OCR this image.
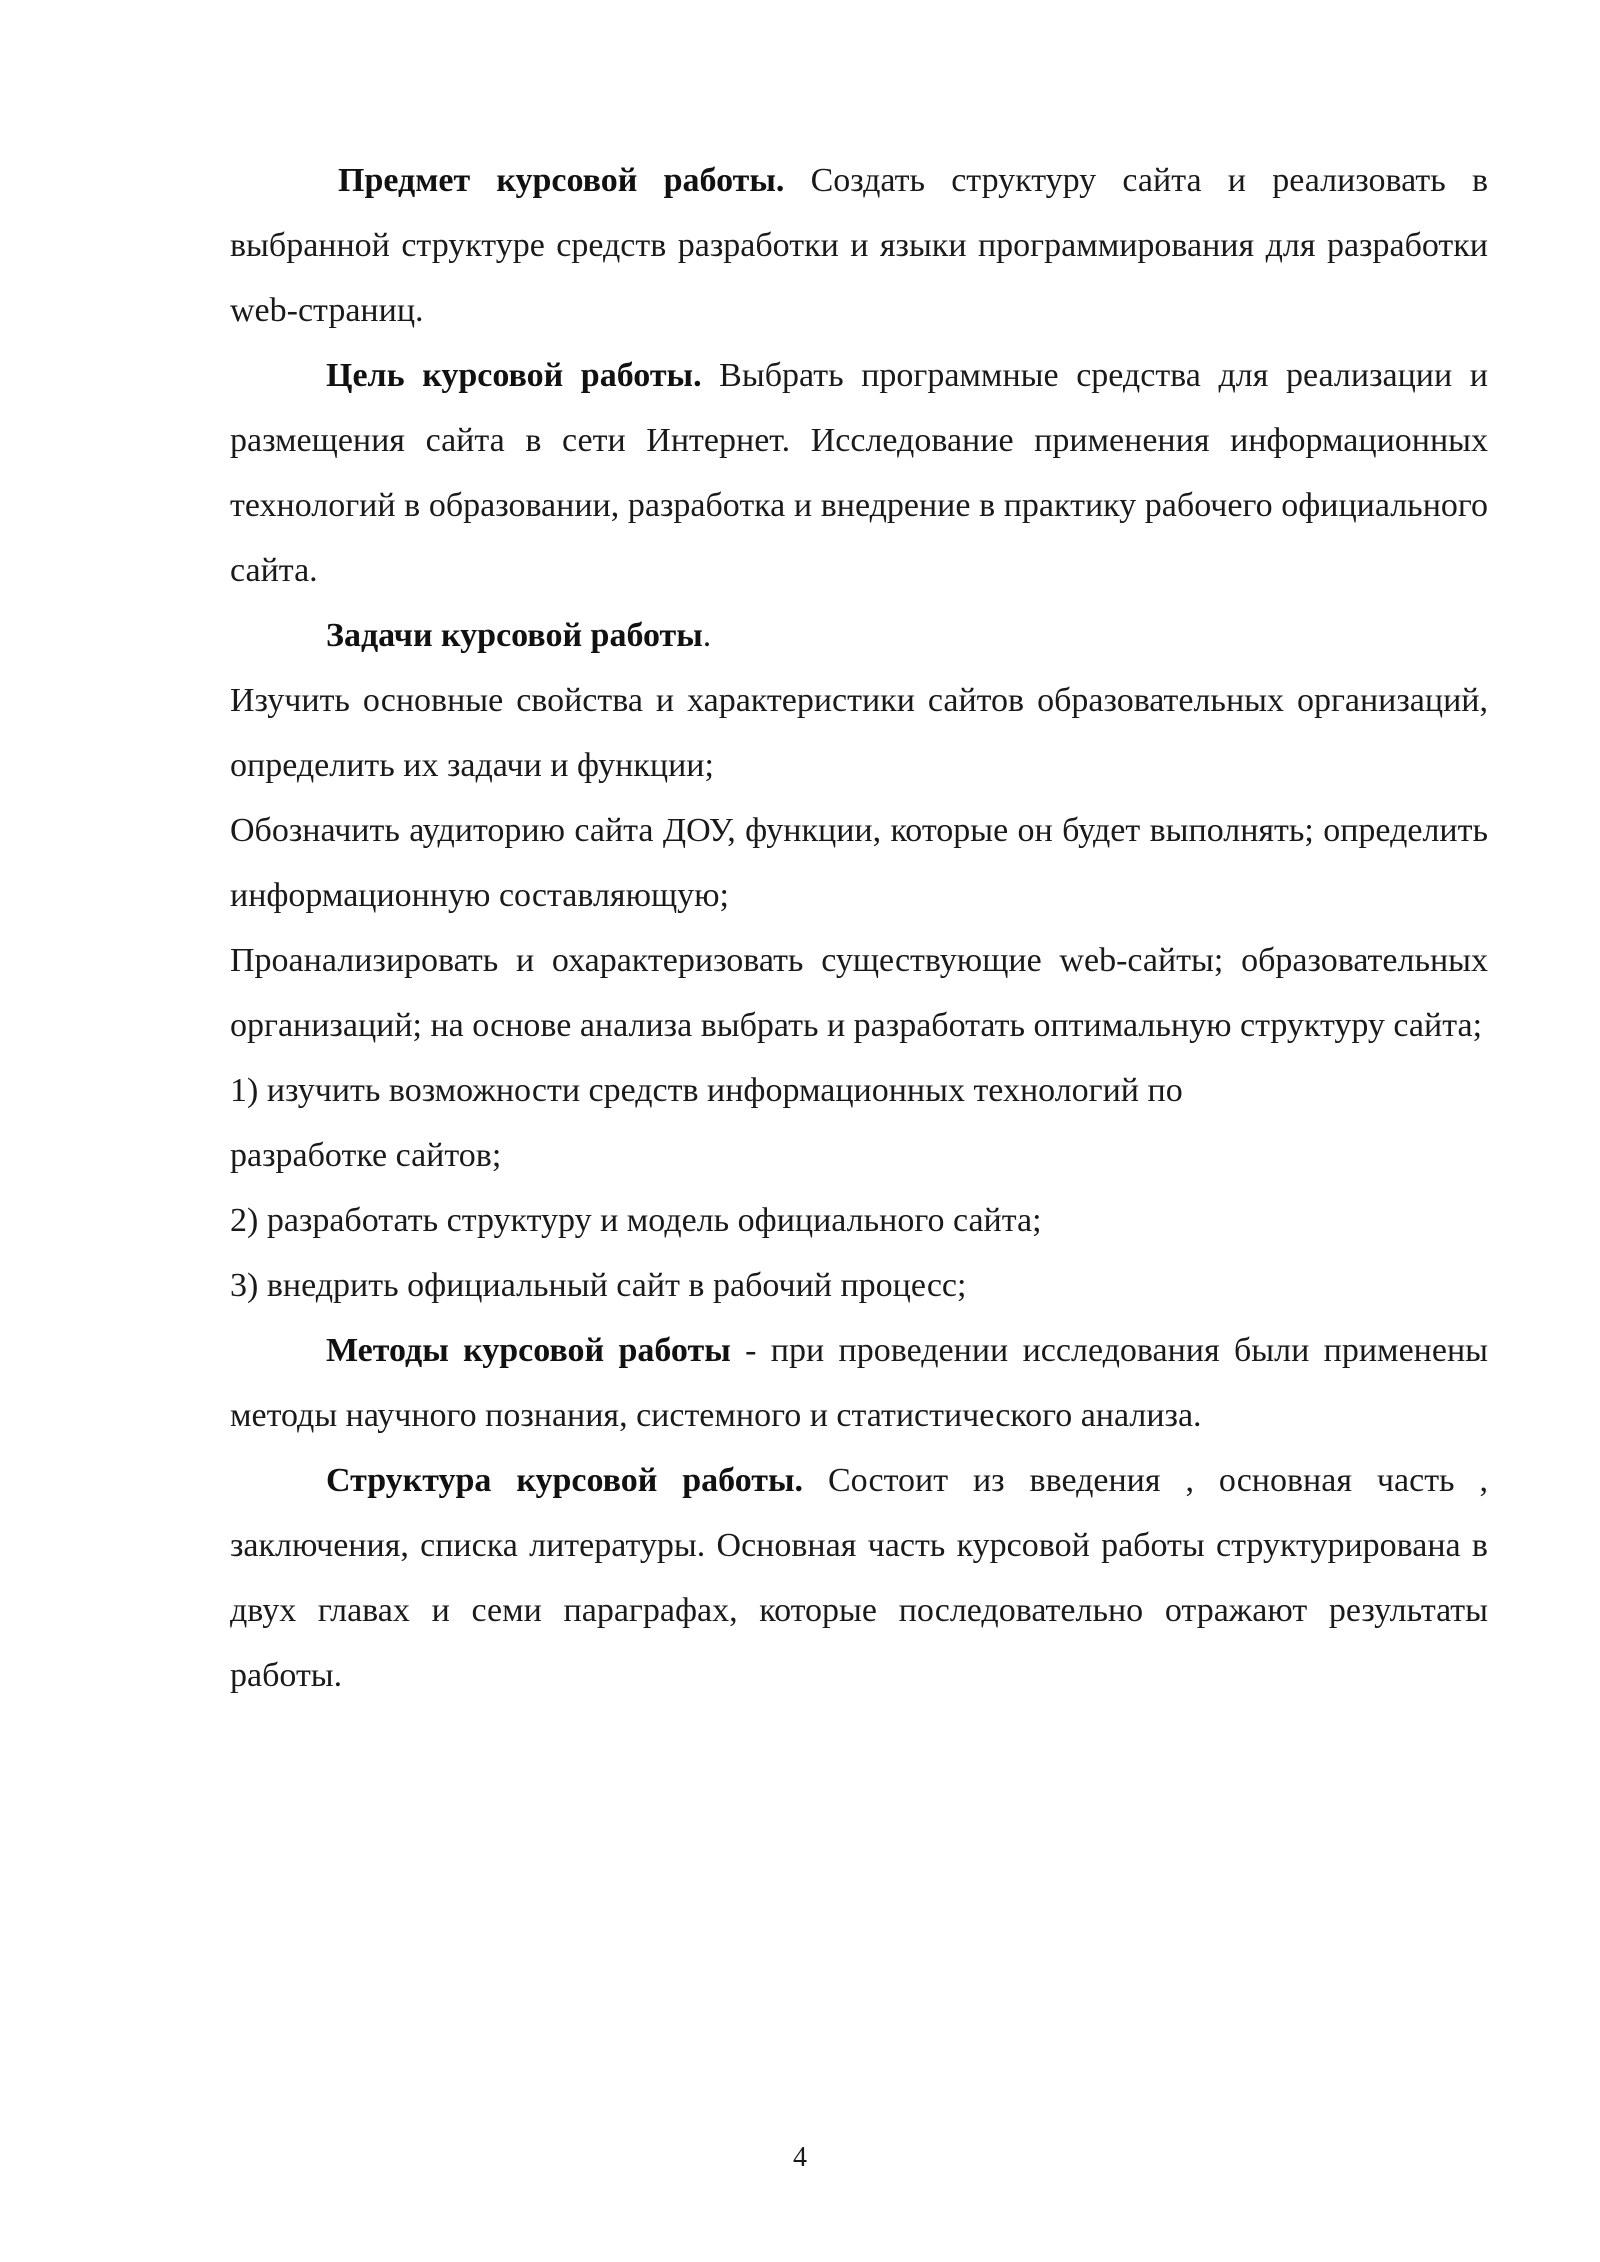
Предмет курсовой работы. Создать структуру сайта и реализовать в выбранной структуре средств разработки и языки программирования для разработки web-страниц.

Цель курсовой работы. Выбрать программные средства для реализации и размещения сайта в сети Интернет. Исследование применения информационных технологий в образовании, разработка и внедрение в практику рабочего официального сайта.

Задачи курсовой работы.

Изучить основные свойства и характеристики сайтов образовательных организаций, определить их задачи и функции;
Обозначить аудиторию сайта ДОУ, функции, которые он будет выполнять; определить информационную составляющую;
Проанализировать и охарактеризовать существующие web-сайты; образовательных организаций; на основе анализа выбрать и разработать оптимальную структуру сайта;
1) изучить возможности средств информационных технологий по
разработке сайтов;
2) разработать структуру и модель официального сайта;
3) внедрить официальный сайт в рабочий процесс;

Методы курсовой работы - при проведении исследования были применены методы научного познания, системного и статистического анализа.

Структура курсовой работы. Состоит из введения , основная часть , заключения, списка литературы. Основная часть курсовой работы структурирована в двух главах и семи параграфах, которые последовательно отражают результаты работы.

4
